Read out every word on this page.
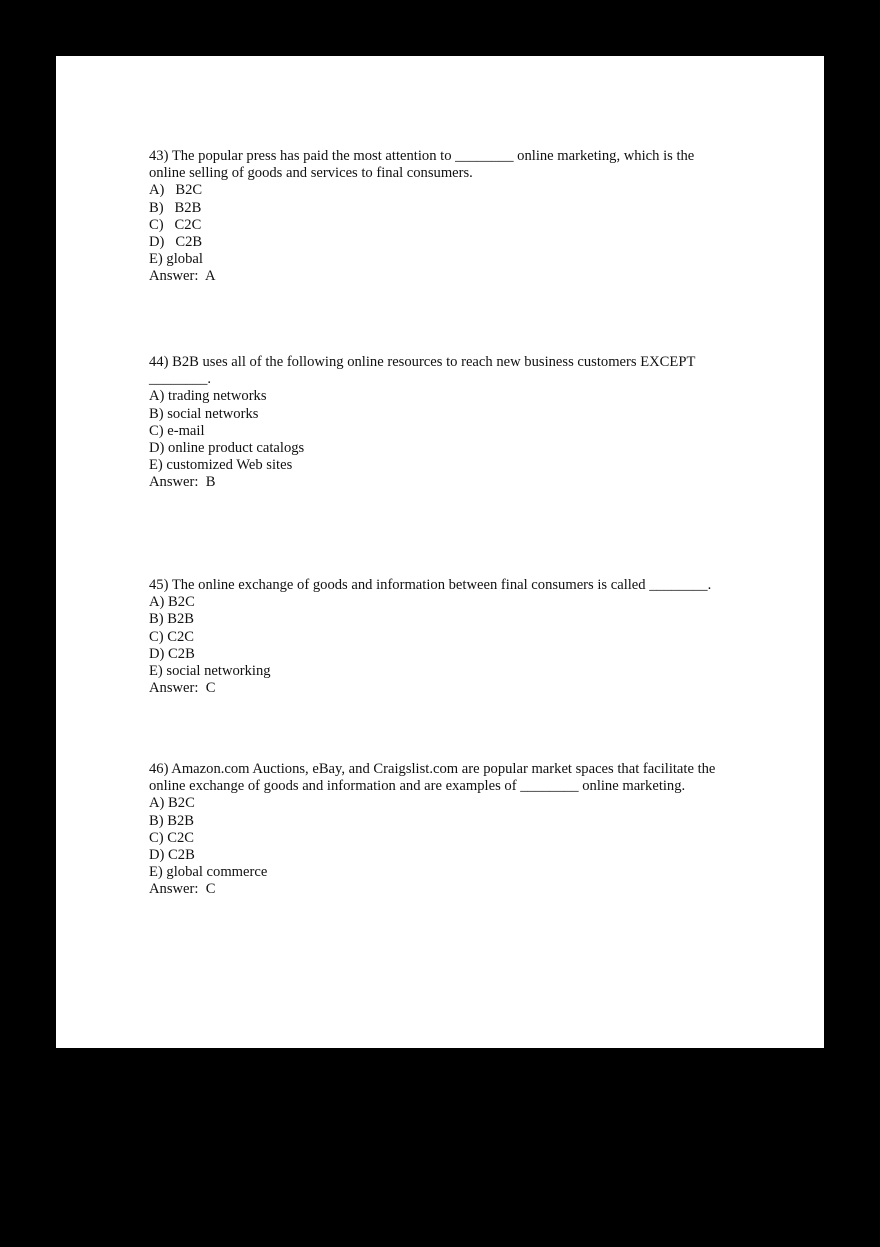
43) The popular press has paid the most attention to ________ online marketing, which is the
online selling of goods and services to final consumers.
A)   B2C
B)   B2B
C)   C2C
D)   C2B
E) global
Answer:  A
44) B2B uses all of the following online resources to reach new business customers EXCEPT
________.
A) trading networks
B) social networks
C) e-mail
D) online product catalogs
E) customized Web sites
Answer:  B
45) The online exchange of goods and information between final consumers is called ________.
A) B2C
B) B2B
C) C2C
D) C2B
E) social networking
Answer:  C
46) Amazon.com Auctions, eBay, and Craigslist.com are popular market spaces that facilitate the
online exchange of goods and information and are examples of ________ online marketing.
A) B2C
B) B2B
C) C2C
D) C2B
E) global commerce
Answer:  C
